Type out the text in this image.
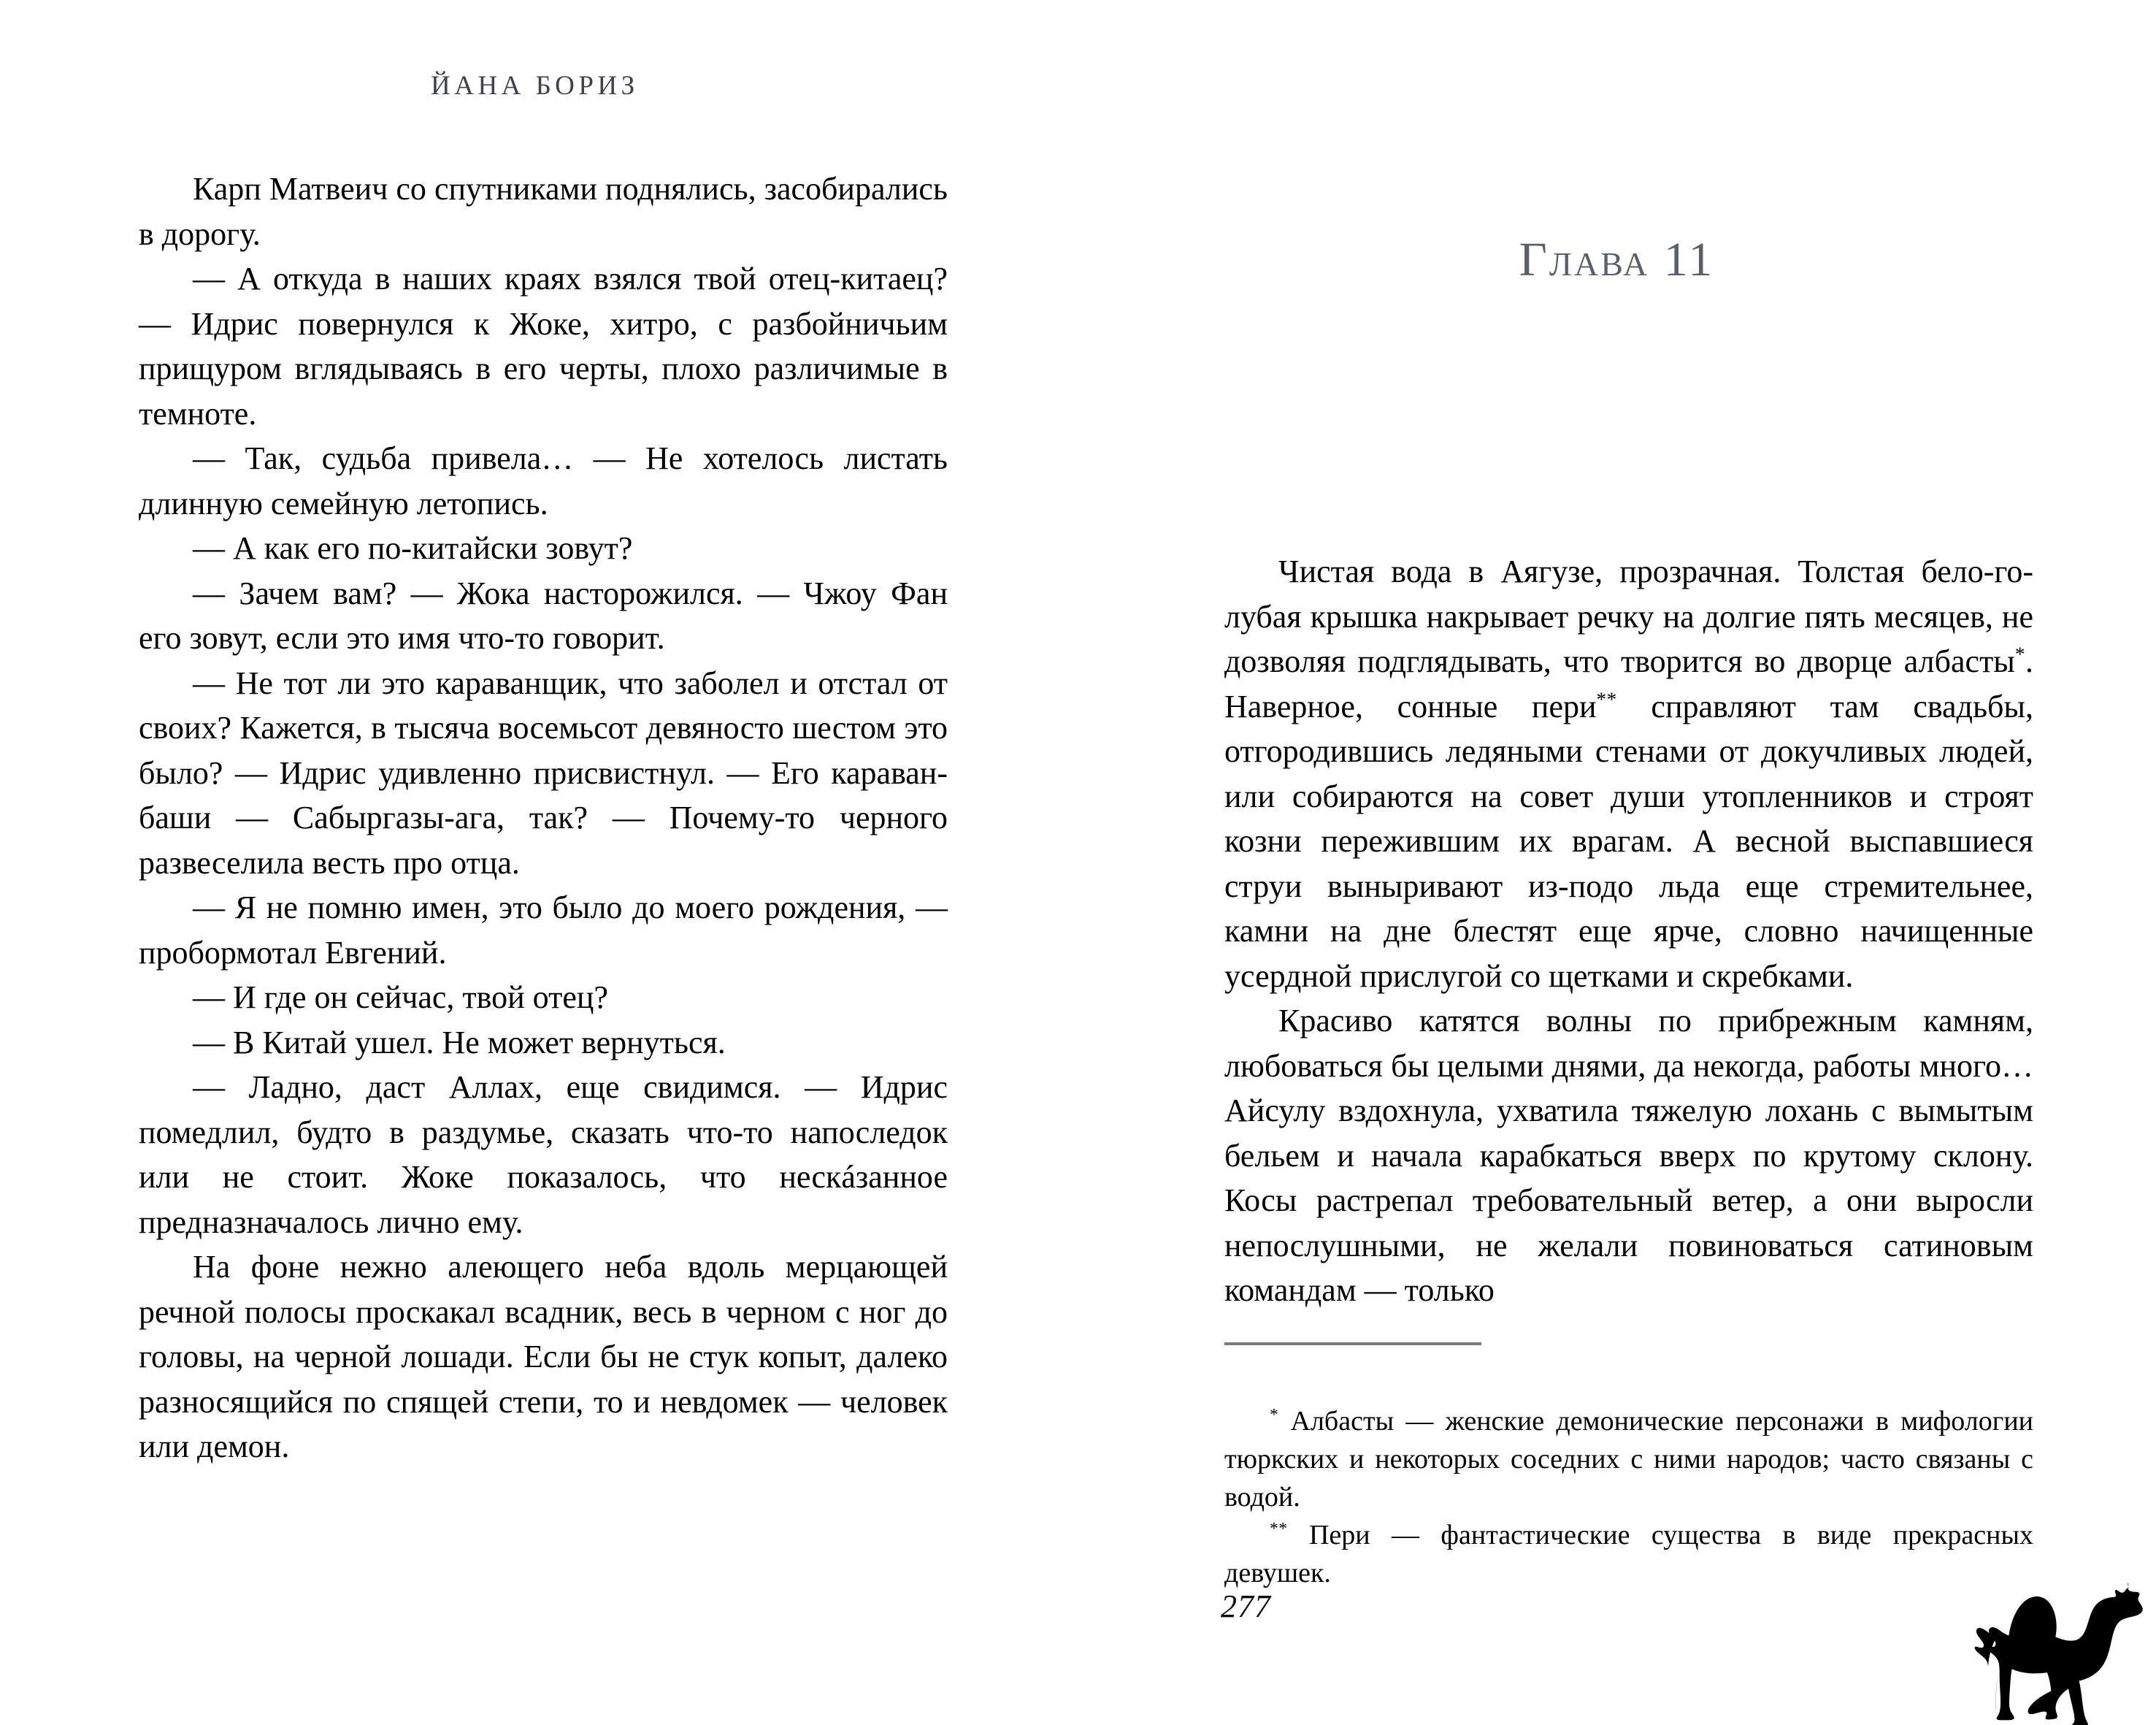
ЙАНА БОРИЗ

Карп Матвеич со спутниками поднялись, засобирались в дорогу.

— А откуда в наших краях взялся твой отец-китаец? — Идрис повернулся к Жоке, хитро, с разбойничьим прищуром вглядываясь в его черты, плохо различимые в темноте.

— Так, судьба привела… — Не хотелось листать длинную семейную летопись.

— А как его по-китайски зовут?

— Зачем вам? — Жока насторожился. — Чжоу Фан его зовут, если это имя что-то говорит.

— Не тот ли это караванщик, что заболел и отстал от своих? Кажется, в тысяча восемьсот девяносто шестом это было? — Идрис удивленно присвистнул. — Его караван-баши — Сабыргазы-ага, так? — Почему-то черного развеселила весть про отца.

— Я не помню имен, это было до моего рождения, — пробормотал Евгений.

— И где он сейчас, твой отец?

— В Китай ушел. Не может вернуться.

— Ладно, даст Аллах, еще свидимся. — Идрис помедлил, будто в раздумье, сказать что-то напоследок или не стоит. Жоке показалось, что нескáзанное предназначалось лично ему.

На фоне нежно алеющего неба вдоль мерцающей речной полосы проскакал всадник, весь в черном с ног до головы, на черной лошади. Если бы не стук копыт, далеко разносящийся по спящей степи, то и невдомек — человек или демон.

Глава 11

Чистая вода в Аягузе, прозрачная. Толстая бело-голубая крышка накрывает речку на долгие пять месяцев, не дозволяя подглядывать, что творится во дворце албасты*. Наверное, сонные пери** справляют там свадьбы, отгородившись ледяными стенами от докучливых людей, или собираются на совет души утопленников и строят козни пережившим их врагам. А весной выспавшиеся струи выныривают из-подо льда еще стремительнее, камни на дне блестят еще ярче, словно начищенные усердной прислугой со щетками и скребками.

Красиво катятся волны по прибрежным камням, любоваться бы целыми днями, да некогда, работы много… Айсулу вздохнула, ухватила тяжелую лохань с вымытым бельем и начала карабкаться вверх по крутому склону. Косы растрепал требовательный ветер, а они выросли непослушными, не желали повиноваться сатиновым командам — только

* Албасты — женские демонические персонажи в мифологии тюркских и некоторых соседних с ними народов; часто связаны с водой.

** Пери — фантастические существа в виде прекрасных девушек.

277
